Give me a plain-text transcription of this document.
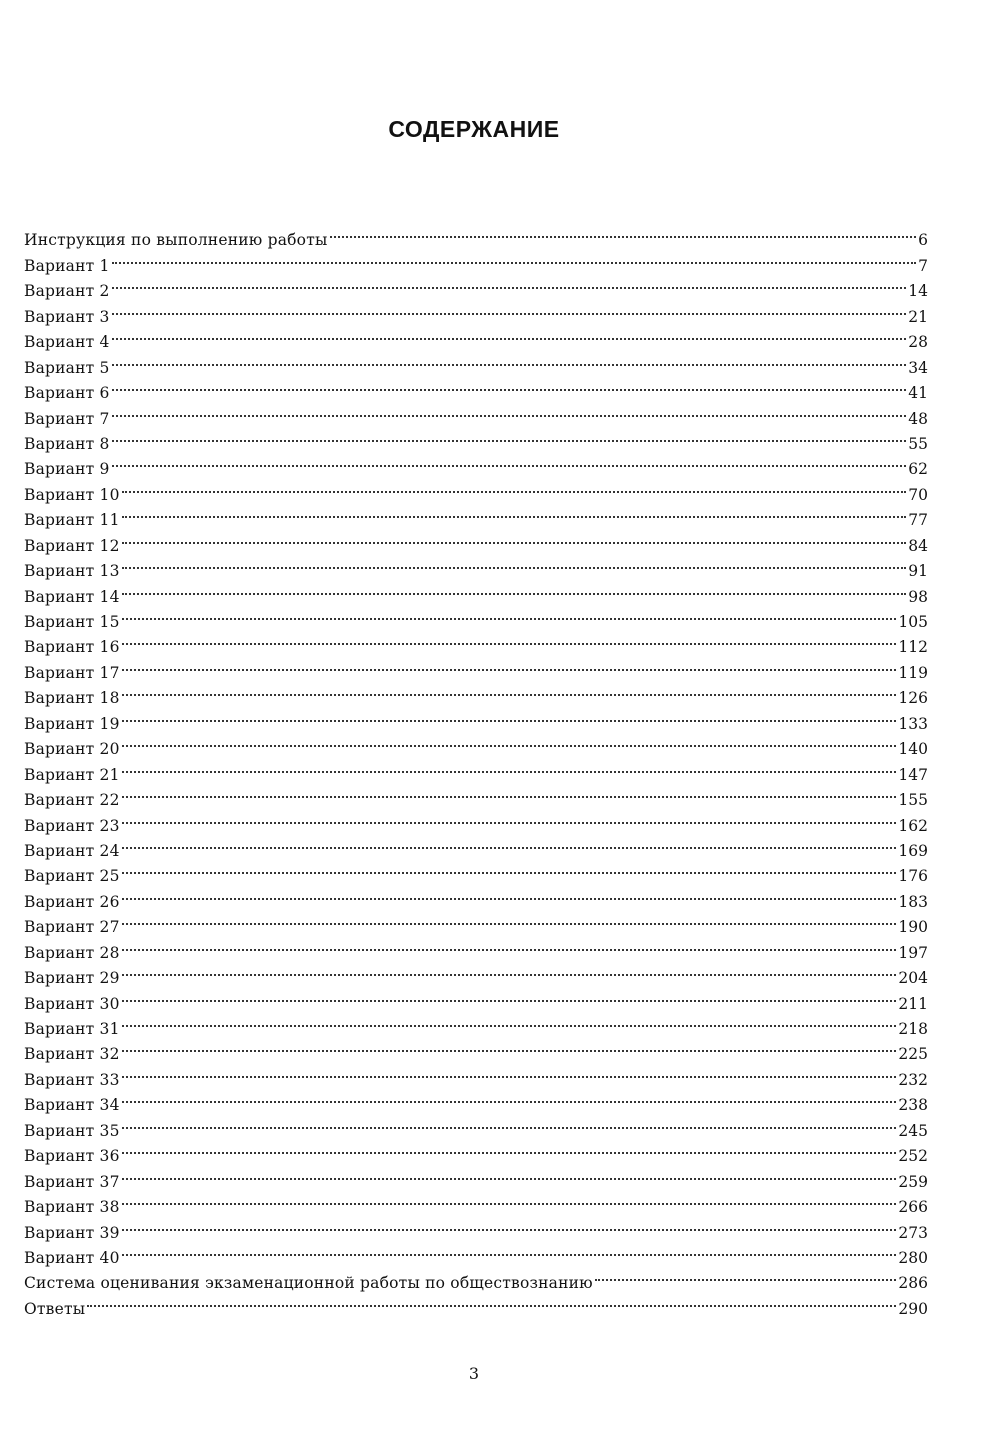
СОДЕРЖАНИЕ
Инструкция по выполнению работы	6
Вариант 1	7
Вариант 2	14
Вариант 3	21
Вариант 4	28
Вариант 5	34
Вариант 6	41
Вариант 7	48
Вариант 8	55
Вариант 9	62
Вариант 10	70
Вариант 11	77
Вариант 12	84
Вариант 13	91
Вариант 14	98
Вариант 15	105
Вариант 16	112
Вариант 17	119
Вариант 18	126
Вариант 19	133
Вариант 20	140
Вариант 21	147
Вариант 22	155
Вариант 23	162
Вариант 24	169
Вариант 25	176
Вариант 26	183
Вариант 27	190
Вариант 28	197
Вариант 29	204
Вариант 30	211
Вариант 31	218
Вариант 32	225
Вариант 33	232
Вариант 34	238
Вариант 35	245
Вариант 36	252
Вариант 37	259
Вариант 38	266
Вариант 39	273
Вариант 40	280
Система оценивания экзаменационной работы по обществознанию	286
Ответы	290
3
